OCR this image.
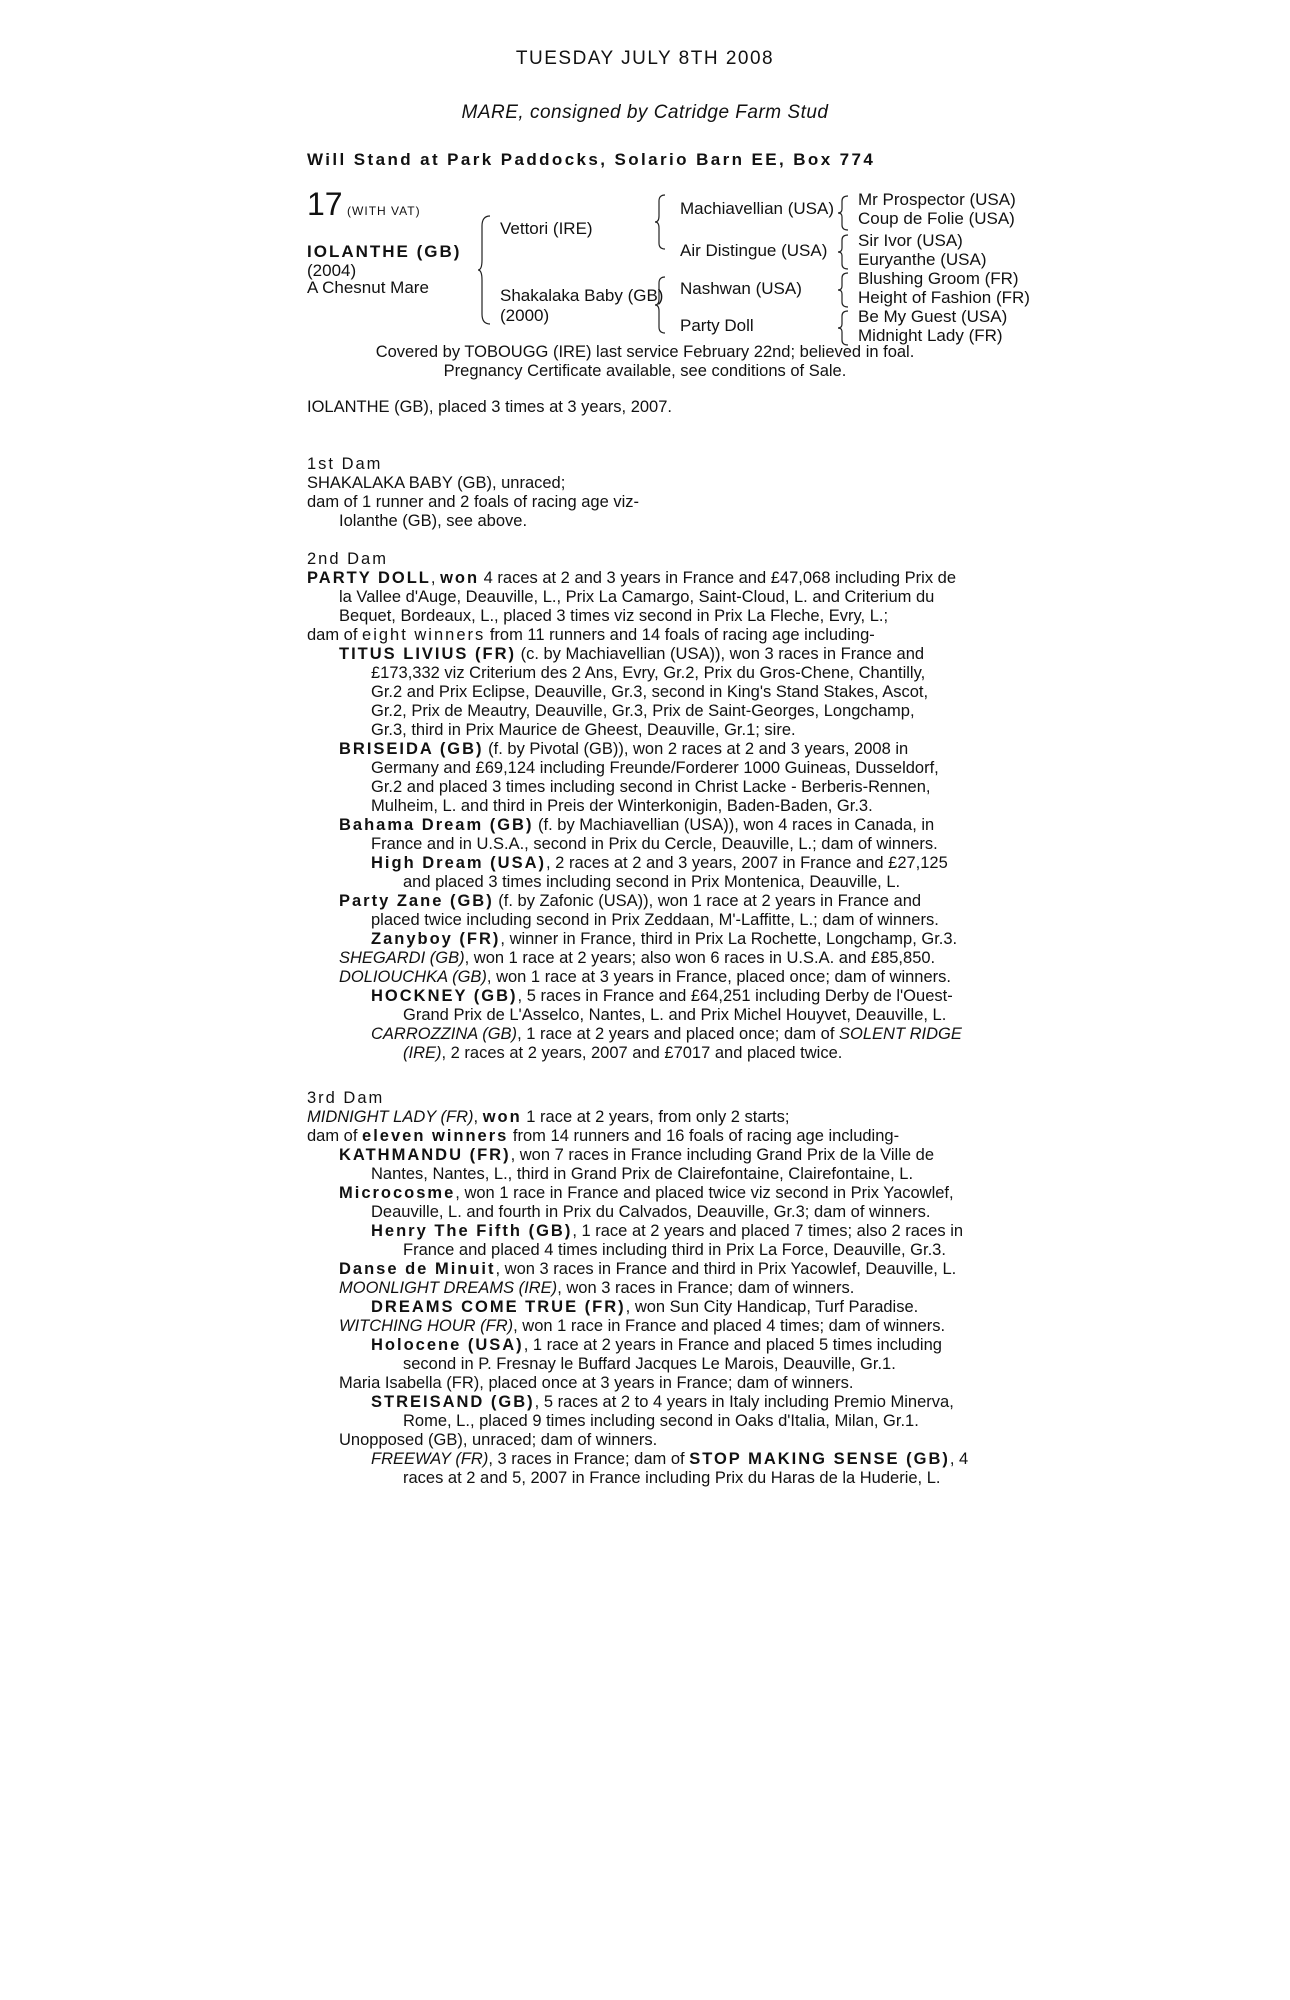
TUESDAY JULY 8TH 2008
MARE, consigned by Catridge Farm Stud
Will Stand at Park Paddocks, Solario Barn EE, Box 774
17 (WITH VAT)
IOLANTHE (GB)
(2004)
A Chesnut Mare
Vettori (IRE)
Shakalaka Baby (GB)
(2000)
Machiavellian (USA)
Air Distingue (USA)
Nashwan (USA)
Party Doll
Mr Prospector (USA)
Coup de Folie (USA)
Sir Ivor (USA)
Euryanthe (USA)
Blushing Groom (FR)
Height of Fashion (FR)
Be My Guest (USA)
Midnight Lady (FR)
Covered by TOBOUGG (IRE) last service February 22nd; believed in foal.
Pregnancy Certificate available, see conditions of Sale.
IOLANTHE (GB), placed 3 times at 3 years, 2007.
1st Dam
SHAKALAKA BABY (GB), unraced;
dam of 1 runner and 2 foals of racing age viz-
Iolanthe (GB), see above.
2nd Dam
PARTY DOLL, won 4 races at 2 and 3 years in France and £47,068 including Prix de
la Vallee d'Auge, Deauville, L., Prix La Camargo, Saint-Cloud, L. and Criterium du
Bequet, Bordeaux, L., placed 3 times viz second in Prix La Fleche, Evry, L.;
dam of eight winners from 11 runners and 14 foals of racing age including-
TITUS LIVIUS (FR) (c. by Machiavellian (USA)), won 3 races in France and
£173,332 viz Criterium des 2 Ans, Evry, Gr.2, Prix du Gros-Chene, Chantilly,
Gr.2 and Prix Eclipse, Deauville, Gr.3, second in King's Stand Stakes, Ascot,
Gr.2, Prix de Meautry, Deauville, Gr.3, Prix de Saint-Georges, Longchamp,
Gr.3, third in Prix Maurice de Gheest, Deauville, Gr.1; sire.
BRISEIDA (GB) (f. by Pivotal (GB)), won 2 races at 2 and 3 years, 2008 in
Germany and £69,124 including Freunde/Forderer 1000 Guineas, Dusseldorf,
Gr.2 and placed 3 times including second in Christ Lacke - Berberis-Rennen,
Mulheim, L. and third in Preis der Winterkonigin, Baden-Baden, Gr.3.
Bahama Dream (GB) (f. by Machiavellian (USA)), won 4 races in Canada, in
France and in U.S.A., second in Prix du Cercle, Deauville, L.; dam of winners.
High Dream (USA), 2 races at 2 and 3 years, 2007 in France and £27,125
and placed 3 times including second in Prix Montenica, Deauville, L.
Party Zane (GB) (f. by Zafonic (USA)), won 1 race at 2 years in France and
placed twice including second in Prix Zeddaan, M'-Laffitte, L.; dam of winners.
Zanyboy (FR), winner in France, third in Prix La Rochette, Longchamp, Gr.3.
SHEGARDI (GB), won 1 race at 2 years; also won 6 races in U.S.A. and £85,850.
DOLIOUCHKA (GB), won 1 race at 3 years in France, placed once; dam of winners.
HOCKNEY (GB), 5 races in France and £64,251 including Derby de l'Ouest-
Grand Prix de L'Asselco, Nantes, L. and Prix Michel Houyvet, Deauville, L.
CARROZZINA (GB), 1 race at 2 years and placed once; dam of SOLENT RIDGE
(IRE), 2 races at 2 years, 2007 and £7017 and placed twice.
3rd Dam
MIDNIGHT LADY (FR), won 1 race at 2 years, from only 2 starts;
dam of eleven winners from 14 runners and 16 foals of racing age including-
KATHMANDU (FR), won 7 races in France including Grand Prix de la Ville de
Nantes, Nantes, L., third in Grand Prix de Clairefontaine, Clairefontaine, L.
Microcosme, won 1 race in France and placed twice viz second in Prix Yacowlef,
Deauville, L. and fourth in Prix du Calvados, Deauville, Gr.3; dam of winners.
Henry The Fifth (GB), 1 race at 2 years and placed 7 times; also 2 races in
France and placed 4 times including third in Prix La Force, Deauville, Gr.3.
Danse de Minuit, won 3 races in France and third in Prix Yacowlef, Deauville, L.
MOONLIGHT DREAMS (IRE), won 3 races in France; dam of winners.
DREAMS COME TRUE (FR), won Sun City Handicap, Turf Paradise.
WITCHING HOUR (FR), won 1 race in France and placed 4 times; dam of winners.
Holocene (USA), 1 race at 2 years in France and placed 5 times including
second in P. Fresnay le Buffard Jacques Le Marois, Deauville, Gr.1.
Maria Isabella (FR), placed once at 3 years in France; dam of winners.
STREISAND (GB), 5 races at 2 to 4 years in Italy including Premio Minerva,
Rome, L., placed 9 times including second in Oaks d'Italia, Milan, Gr.1.
Unopposed (GB), unraced; dam of winners.
FREEWAY (FR), 3 races in France; dam of STOP MAKING SENSE (GB), 4
races at 2 and 5, 2007 in France including Prix du Haras de la Huderie, L.
